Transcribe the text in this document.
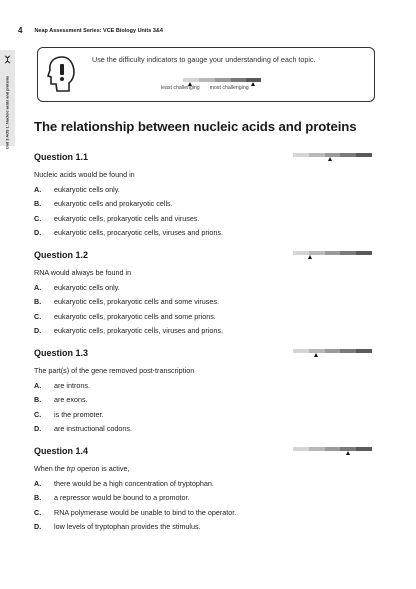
4 Neap Assessment Series: VCE Biology Units 3&4
Unit 3 AOS 1: Nucleic acids and proteins
Use the difficulty indicators to gauge your understanding of each topic.
least challenging most challenging
The relationship between nucleic acids and proteins
Question 1.1
Nucleic acids would be found in
A.	eukaryotic cells only.
B.	eukaryotic cells and prokaryotic cells.
C.	eukaryotic cells, prokaryotic cells and viruses.
D.	eukaryotic cells, procaryotic cells, viruses and prions.
Question 1.2
RNA would always be found in
A.	eukaryotic cells only.
B.	eukaryotic cells, prokaryotic cells and some viruses.
C.	eukaryotic cells, prokaryotic cells and some prions.
D.	eukaryotic cells, prokaryotic cells, viruses and prions.
Question 1.3
The part(s) of the gene removed post-transcription
A.	are introns.
B.	are exons.
C.	is the promoter.
D.	are instructional codons.
Question 1.4
When the trp operon is active,
A.	there would be a high concentration of tryptophan.
B.	a repressor would be bound to a promotor.
C.	RNA polymerase would be unable to bind to the operator.
D.	low levels of tryptophan provides the stimulus.
